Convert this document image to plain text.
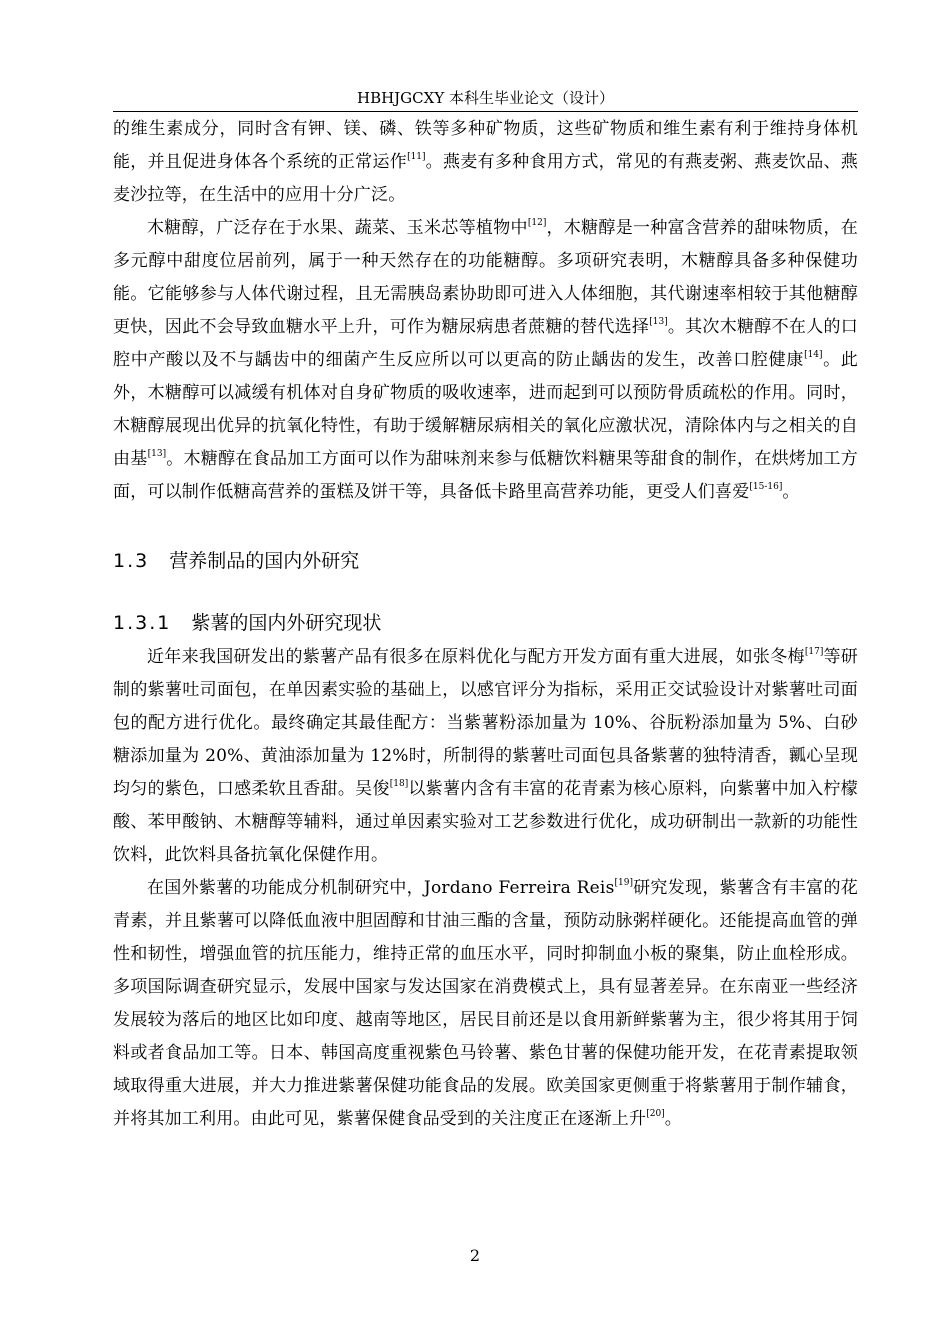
HBHJGCXY 本科生毕业论文（设计）

的维生素成分，同时含有钾、镁、磷、铁等多种矿物质，这些矿物质和维生素有利于维持身体机能，并且促进身体各个系统的正常运作[11]。燕麦有多种食用方式，常见的有燕麦粥、燕麦饮品、燕麦沙拉等，在生活中的应用十分广泛。

木糖醇，广泛存在于水果、蔬菜、玉米芯等植物中[12]，木糖醇是一种富含营养的甜味物质，在多元醇中甜度位居前列，属于一种天然存在的功能糖醇。多项研究表明，木糖醇具备多种保健功能。它能够参与人体代谢过程，且无需胰岛素协助即可进入人体细胞，其代谢速率相较于其他糖醇更快，因此不会导致血糖水平上升，可作为糖尿病患者蔗糖的替代选择[13]。其次木糖醇不在人的口腔中产酸以及不与龋齿中的细菌产生反应所以可以更高的防止龋齿的发生，改善口腔健康[14]。此外，木糖醇可以减缓有机体对自身矿物质的吸收速率，进而起到可以预防骨质疏松的作用。同时，木糖醇展现出优异的抗氧化特性，有助于缓解糖尿病相关的氧化应激状况，清除体内与之相关的自由基[13]。木糖醇在食品加工方面可以作为甜味剂来参与低糖饮料糖果等甜食的制作，在烘烤加工方面，可以制作低糖高营养的蛋糕及饼干等，具备低卡路里高营养功能，更受人们喜爱[15-16]。

1.3 营养制品的国内外研究
1.3.1 紫薯的国内外研究现状

近年来我国研发出的紫薯产品有很多在原料优化与配方开发方面有重大进展，如张冬梅[17]等研制的紫薯吐司面包，在单因素实验的基础上，以感官评分为指标，采用正交试验设计对紫薯吐司面包的配方进行优化。最终确定其最佳配方：当紫薯粉添加量为 10%、谷朊粉添加量为 5%、白砂糖添加量为 20%、黄油添加量为 12%时，所制得的紫薯吐司面包具备紫薯的独特清香，瓤心呈现均匀的紫色，口感柔软且香甜。吴俊[18]以紫薯内含有丰富的花青素为核心原料，向紫薯中加入柠檬酸、苯甲酸钠、木糖醇等辅料，通过单因素实验对工艺参数进行优化，成功研制出一款新的功能性饮料，此饮料具备抗氧化保健作用。

在国外紫薯的功能成分机制研究中，Jordano Ferreira Reis[19]研究发现，紫薯含有丰富的花青素，并且紫薯可以降低血液中胆固醇和甘油三酯的含量，预防动脉粥样硬化。还能提高血管的弹性和韧性，增强血管的抗压能力，维持正常的血压水平，同时抑制血小板的聚集，防止血栓形成。多项国际调查研究显示，发展中国家与发达国家在消费模式上，具有显著差异。在东南亚一些经济发展较为落后的地区比如印度、越南等地区，居民目前还是以食用新鲜紫薯为主，很少将其用于饲料或者食品加工等。日本、韩国高度重视紫色马铃薯、紫色甘薯的保健功能开发，在花青素提取领域取得重大进展，并大力推进紫薯保健功能食品的发展。欧美国家更侧重于将紫薯用于制作辅食，并将其加工利用。由此可见，紫薯保健食品受到的关注度正在逐渐上升[20]。

2
